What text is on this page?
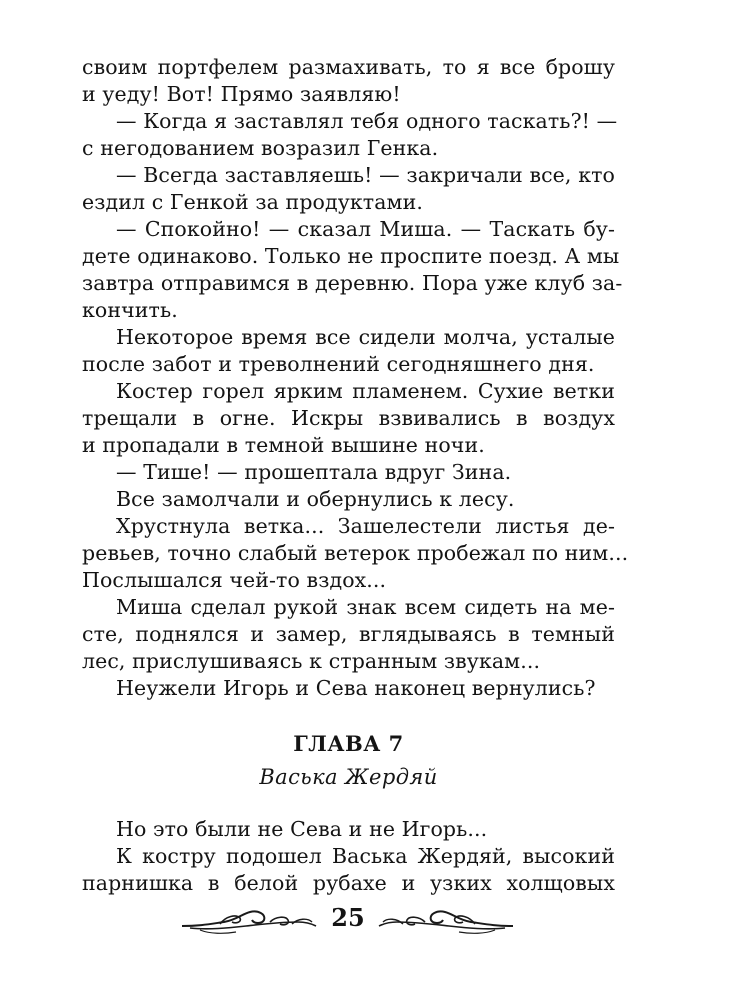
своим портфелем размахивать, то я все брошу
и уеду! Вот! Прямо заявляю!
— Когда я заставлял тебя одного таскать?! —
с негодованием возразил Генка.
— Всегда заставляешь! — закричали все, кто
ездил с Генкой за продуктами.
— Спокойно! — сказал Миша. — Таскать бу-
дете одинаково. Только не проспите поезд. А мы
завтра отправимся в деревню. Пора уже клуб за-
кончить.
Некоторое время все сидели молча, усталые
после забот и треволнений сегодняшнего дня.
Костер горел ярким пламенем. Сухие ветки
трещали в огне. Искры взвивались в воздух
и пропадали в темной вышине ночи.
— Тише! — прошептала вдруг Зина.
Все замолчали и обернулись к лесу.
Хрустнула ветка... Зашелестели листья де-
ревьев, точно слабый ветерок пробежал по ним...
Послышался чей-то вздох...
Миша сделал рукой знак всем сидеть на ме-
сте, поднялся и замер, вглядываясь в темный
лес, прислушиваясь к странным звукам...
Неужели Игорь и Сева наконец вернулись?
ГЛАВА 7
Васька Жердяй
Но это были не Сева и не Игорь...
К костру подошел Васька Жердяй, высокий
парнишка в белой рубахе и узких холщовых
25
